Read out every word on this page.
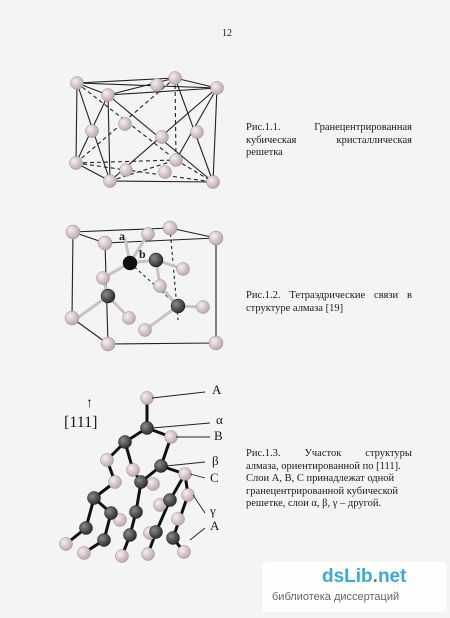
12
a
b
↑
[111]
A
α
B
β
C
γ
A
Рис.1.1.	Гранецентрированная
кубическая	кристаллическая
решетка
Рис.1.2. Тетраэдрические связи в
структуре алмаза [19]
Рис.1.3. Участок структуры
алмаза, ориентированной по [111].
Слои А, В, С принадлежат одной
гранецентрированной кубической
решетке, слои α, β, γ – другой.
dsLib.net
библиотека диссертаций
